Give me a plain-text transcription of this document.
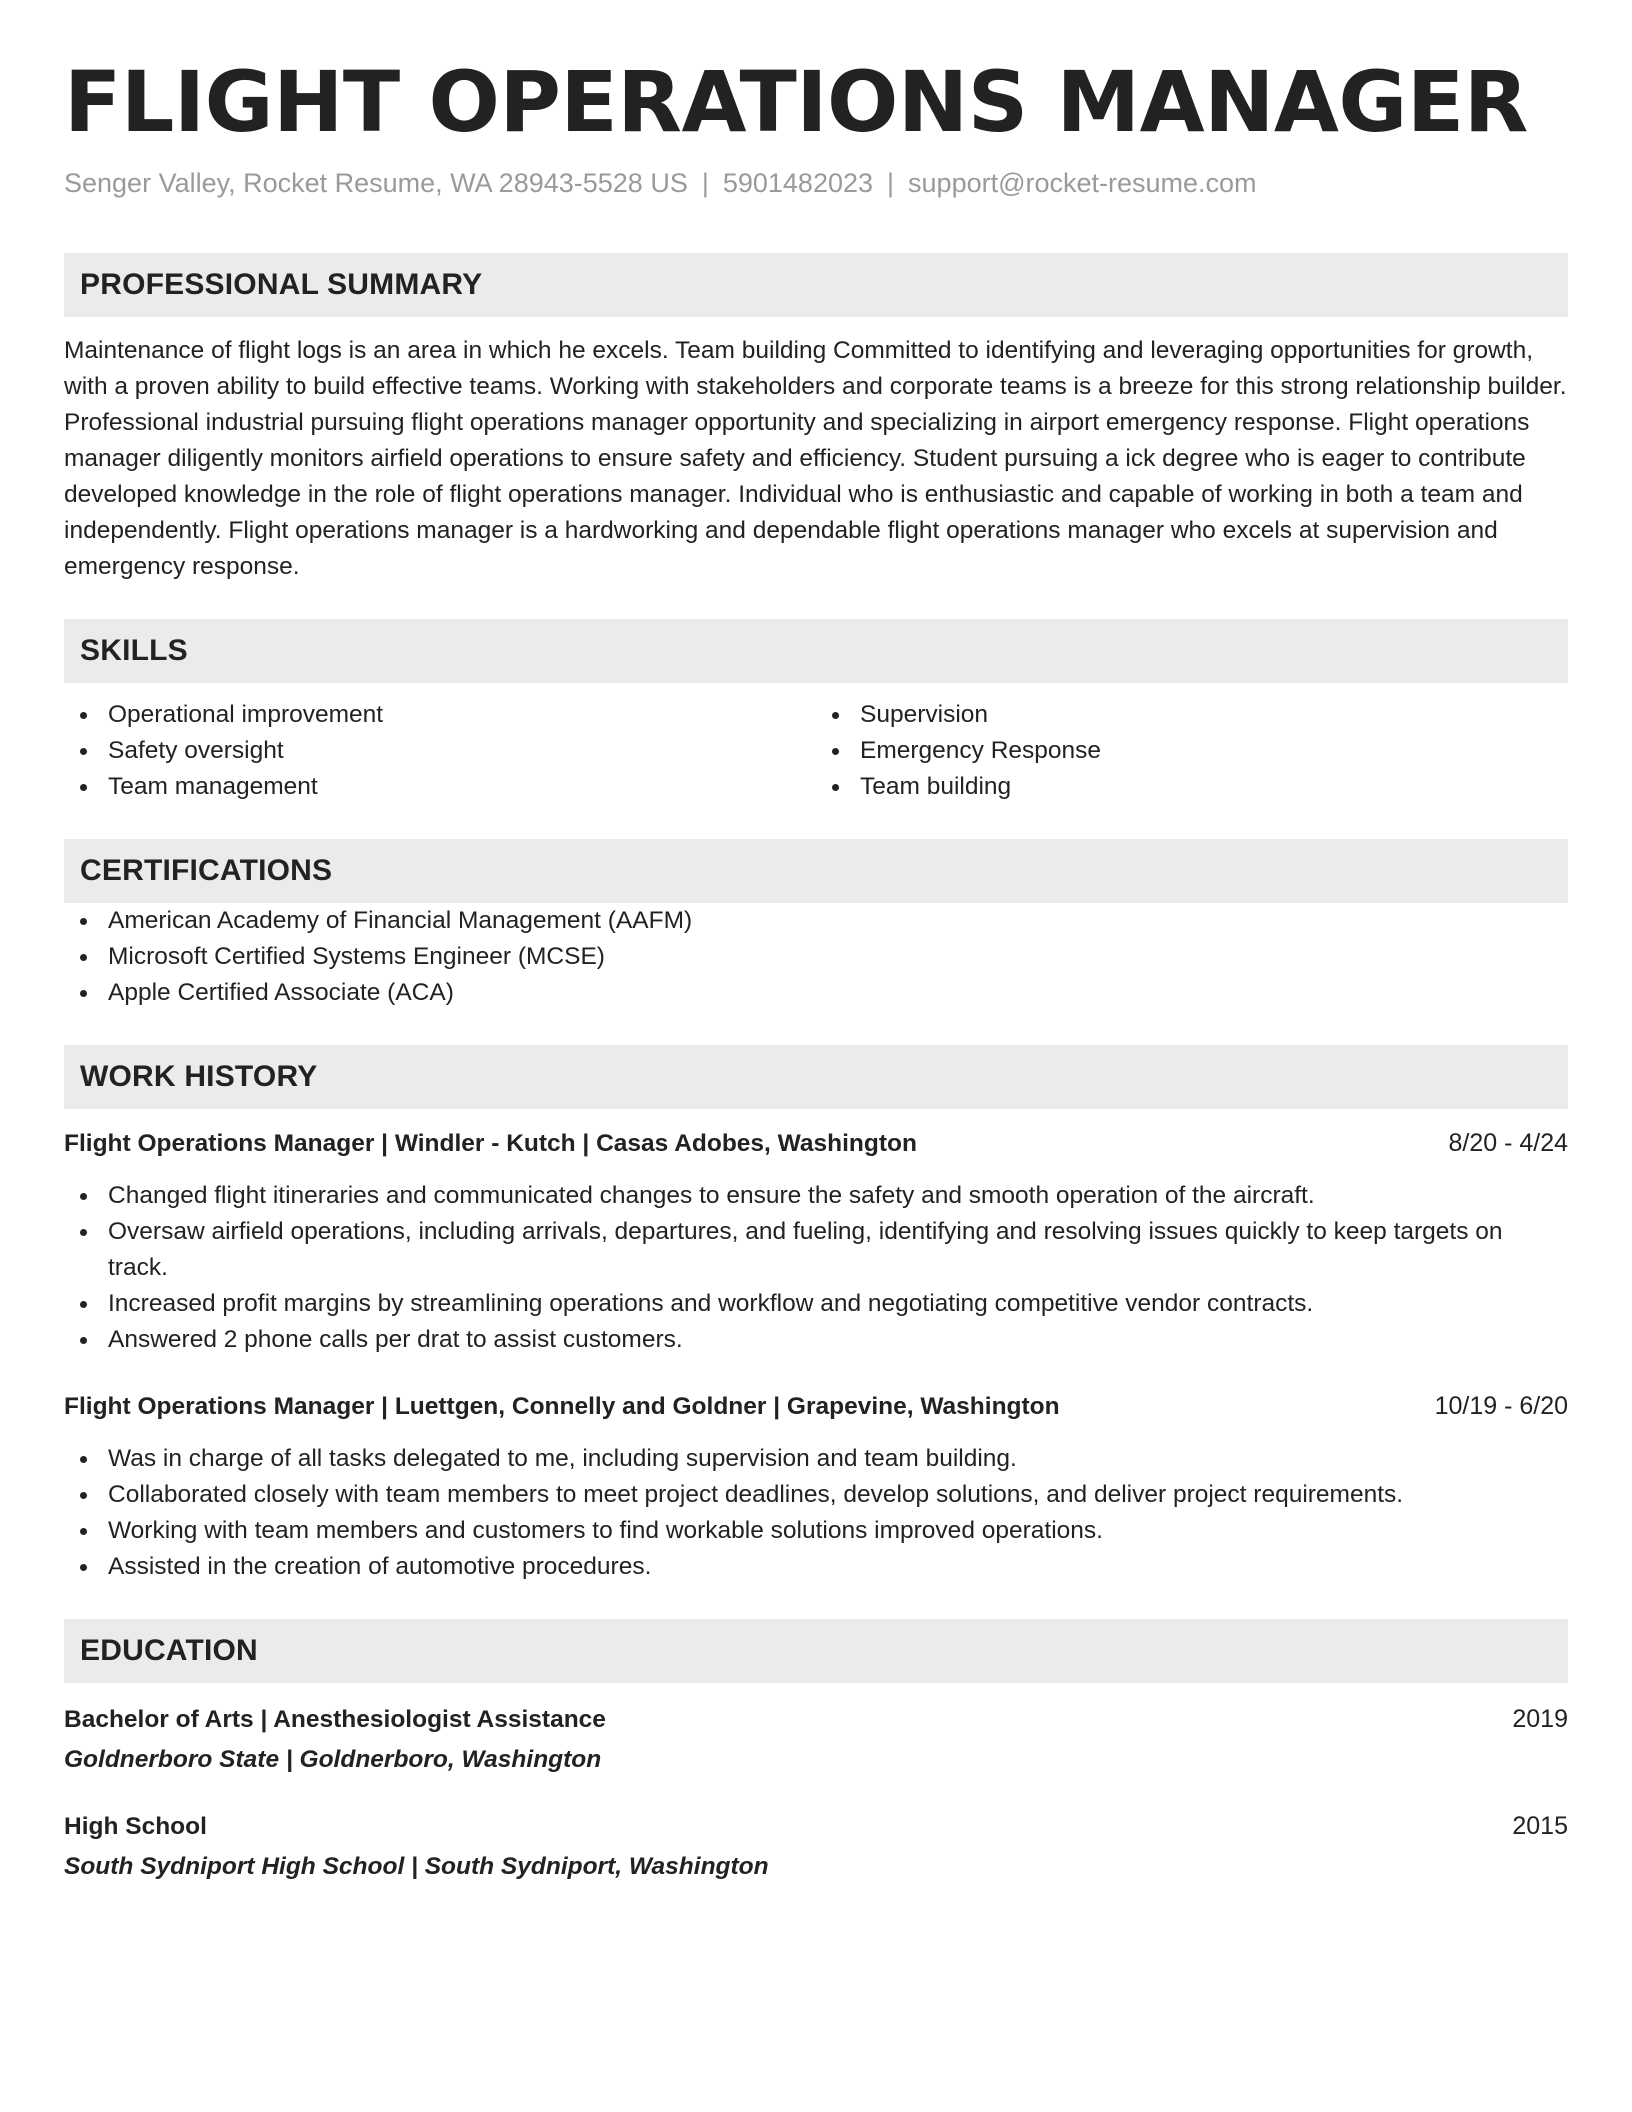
FLIGHT OPERATIONS MANAGER
Senger Valley, Rocket Resume, WA 28943-5528 US | 5901482023 | support@rocket-resume.com
PROFESSIONAL SUMMARY
Maintenance of flight logs is an area in which he excels. Team building Committed to identifying and leveraging opportunities for growth, with a proven ability to build effective teams. Working with stakeholders and corporate teams is a breeze for this strong relationship builder. Professional industrial pursuing flight operations manager opportunity and specializing in airport emergency response. Flight operations manager diligently monitors airfield operations to ensure safety and efficiency. Student pursuing a ick degree who is eager to contribute developed knowledge in the role of flight operations manager. Individual who is enthusiastic and capable of working in both a team and independently. Flight operations manager is a hardworking and dependable flight operations manager who excels at supervision and emergency response.
SKILLS
Operational improvement
Safety oversight
Team management
Supervision
Emergency Response
Team building
CERTIFICATIONS
American Academy of Financial Management (AAFM)
Microsoft Certified Systems Engineer (MCSE)
Apple Certified Associate (ACA)
WORK HISTORY
Flight Operations Manager | Windler - Kutch | Casas Adobes, Washington	8/20 - 4/24
Changed flight itineraries and communicated changes to ensure the safety and smooth operation of the aircraft.
Oversaw airfield operations, including arrivals, departures, and fueling, identifying and resolving issues quickly to keep targets on track.
Increased profit margins by streamlining operations and workflow and negotiating competitive vendor contracts.
Answered 2 phone calls per drat to assist customers.
Flight Operations Manager | Luettgen, Connelly and Goldner | Grapevine, Washington	10/19 - 6/20
Was in charge of all tasks delegated to me, including supervision and team building.
Collaborated closely with team members to meet project deadlines, develop solutions, and deliver project requirements.
Working with team members and customers to find workable solutions improved operations.
Assisted in the creation of automotive procedures.
EDUCATION
Bachelor of Arts | Anesthesiologist Assistance	2019
Goldnerboro State | Goldnerboro, Washington
High School	2015
South Sydniport High School | South Sydniport, Washington
